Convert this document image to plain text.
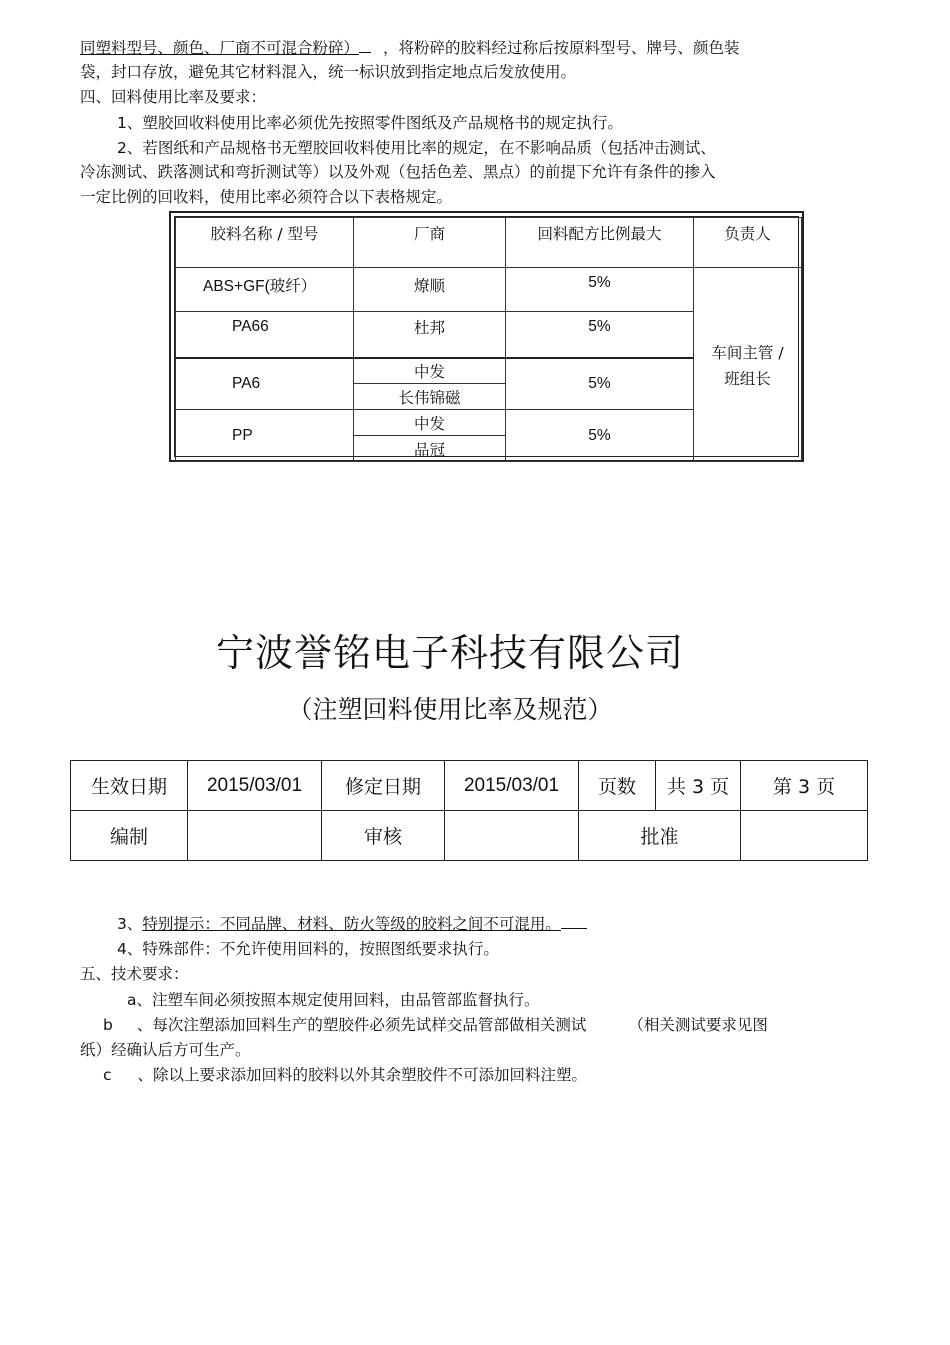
同塑料型号、颜色、厂商不可混合粉碎） ，将粉碎的胶料经过称后按原料型号、牌号、颜色装
袋，封口存放，避免其它材料混入，统一标识放到指定地点后发放使用。
四、回料使用比率及要求：
1、塑胶回收料使用比率必须优先按照零件图纸及产品规格书的规定执行。
2、若图纸和产品规格书无塑胶回收料使用比率的规定，在不影响品质（包括冲击测试、
冷冻测试、跌落测试和弯折测试等）以及外观（包括色差、黑点）的前提下允许有条件的掺入
一定比例的回收料，使用比率必须符合以下表格规定。
胶料名称 / 型号	厂商	回料配方比例最大	负责人
ABS+GF(玻纤）	燎顺	5%	车间主管 /
班组长

PA66	杜邦	5%	
PA6	中发	5%	
	长伟锦磁		
PP	中发	5%	
	品冠		
宁波誉铭电子科技有限公司
（注塑回料使用比率及规范）
生效日期	2015/03/01	修定日期	2015/03/01	页数	共 3 页	第 3 页
编制		审核		批准		
3、特别提示：不同品牌、材料、防火等级的胶料之间不可混用。
4、特殊部件：不允许使用回料的，按照图纸要求执行。
五、技术要求：
a、注塑车间必须按照本规定使用回料，由品管部监督执行。
b 、每次注塑添加回料生产的塑胶件必须先试样交品管部做相关测试	（相关测试要求见图
纸）经确认后方可生产。
c 、除以上要求添加回料的胶料以外其余塑胶件不可添加回料注塑。
